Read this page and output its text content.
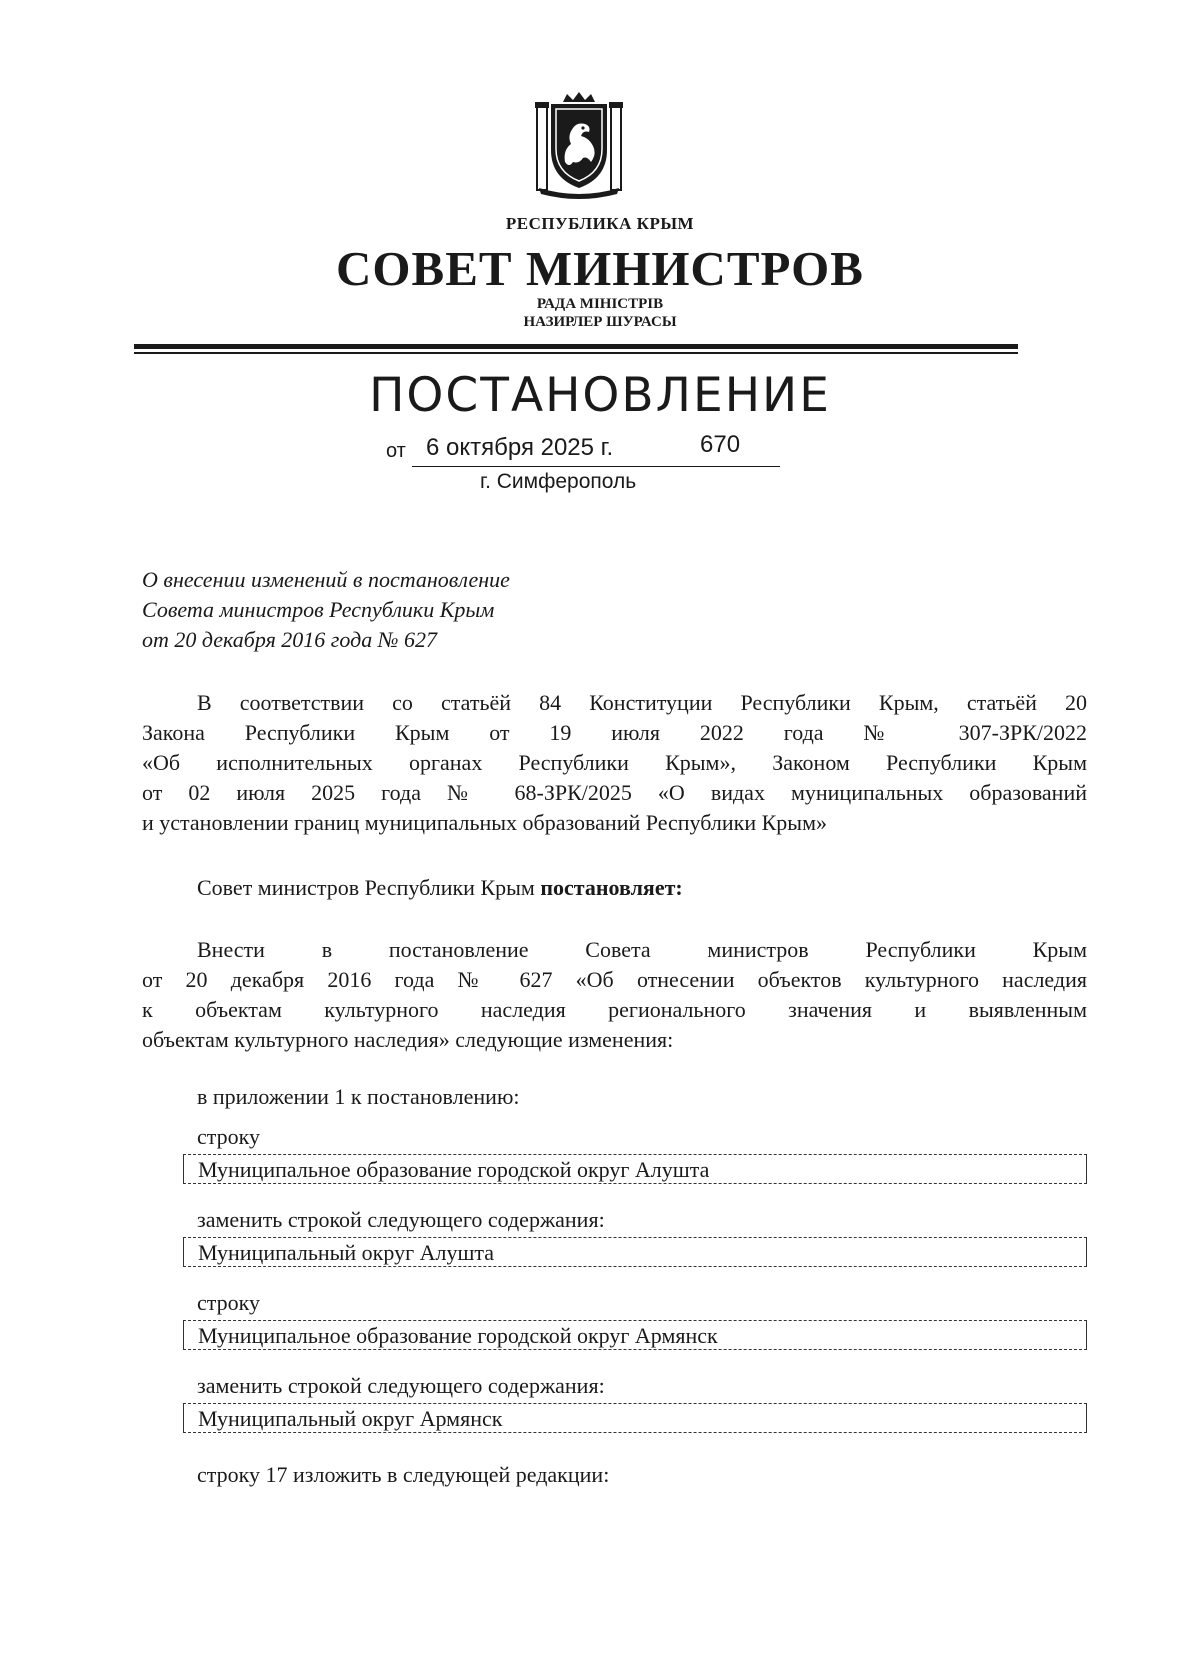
РЕСПУБЛИКА КРЫМ
СОВЕТ МИНИСТРОВ
РАДА МІНІСТРІВ
НАЗИРЛЕР ШУРАСЫ
ПОСТАНОВЛЕНИЕ
от 6 октября 2025 г.	670
г. Симферополь
О внесении изменений в постановление
Совета министров Республики Крым
от 20 декабря 2016 года № 627
В соответствии со статьёй 84 Конституции Республики Крым, статьёй 20
Закона Республики Крым от 19 июля 2022 года № 307-ЗРК/2022
«Об исполнительных органах Республики Крым», Законом Республики Крым
от 02 июля 2025 года № 68-ЗРК/2025 «О видах муниципальных образований
и установлении границ муниципальных образований Республики Крым»
Совет министров Республики Крым постановляет:
Внести в постановление Совета министров Республики Крым
от 20 декабря 2016 года № 627 «Об отнесении объектов культурного наследия
к объектам культурного наследия регионального значения и выявленным
объектам культурного наследия» следующие изменения:
в приложении 1 к постановлению:
строку
Муниципальное образование городской округ Алушта
заменить строкой следующего содержания:
Муниципальный округ Алушта
строку
Муниципальное образование городской округ Армянск
заменить строкой следующего содержания:
Муниципальный округ Армянск
строку 17 изложить в следующей редакции:
